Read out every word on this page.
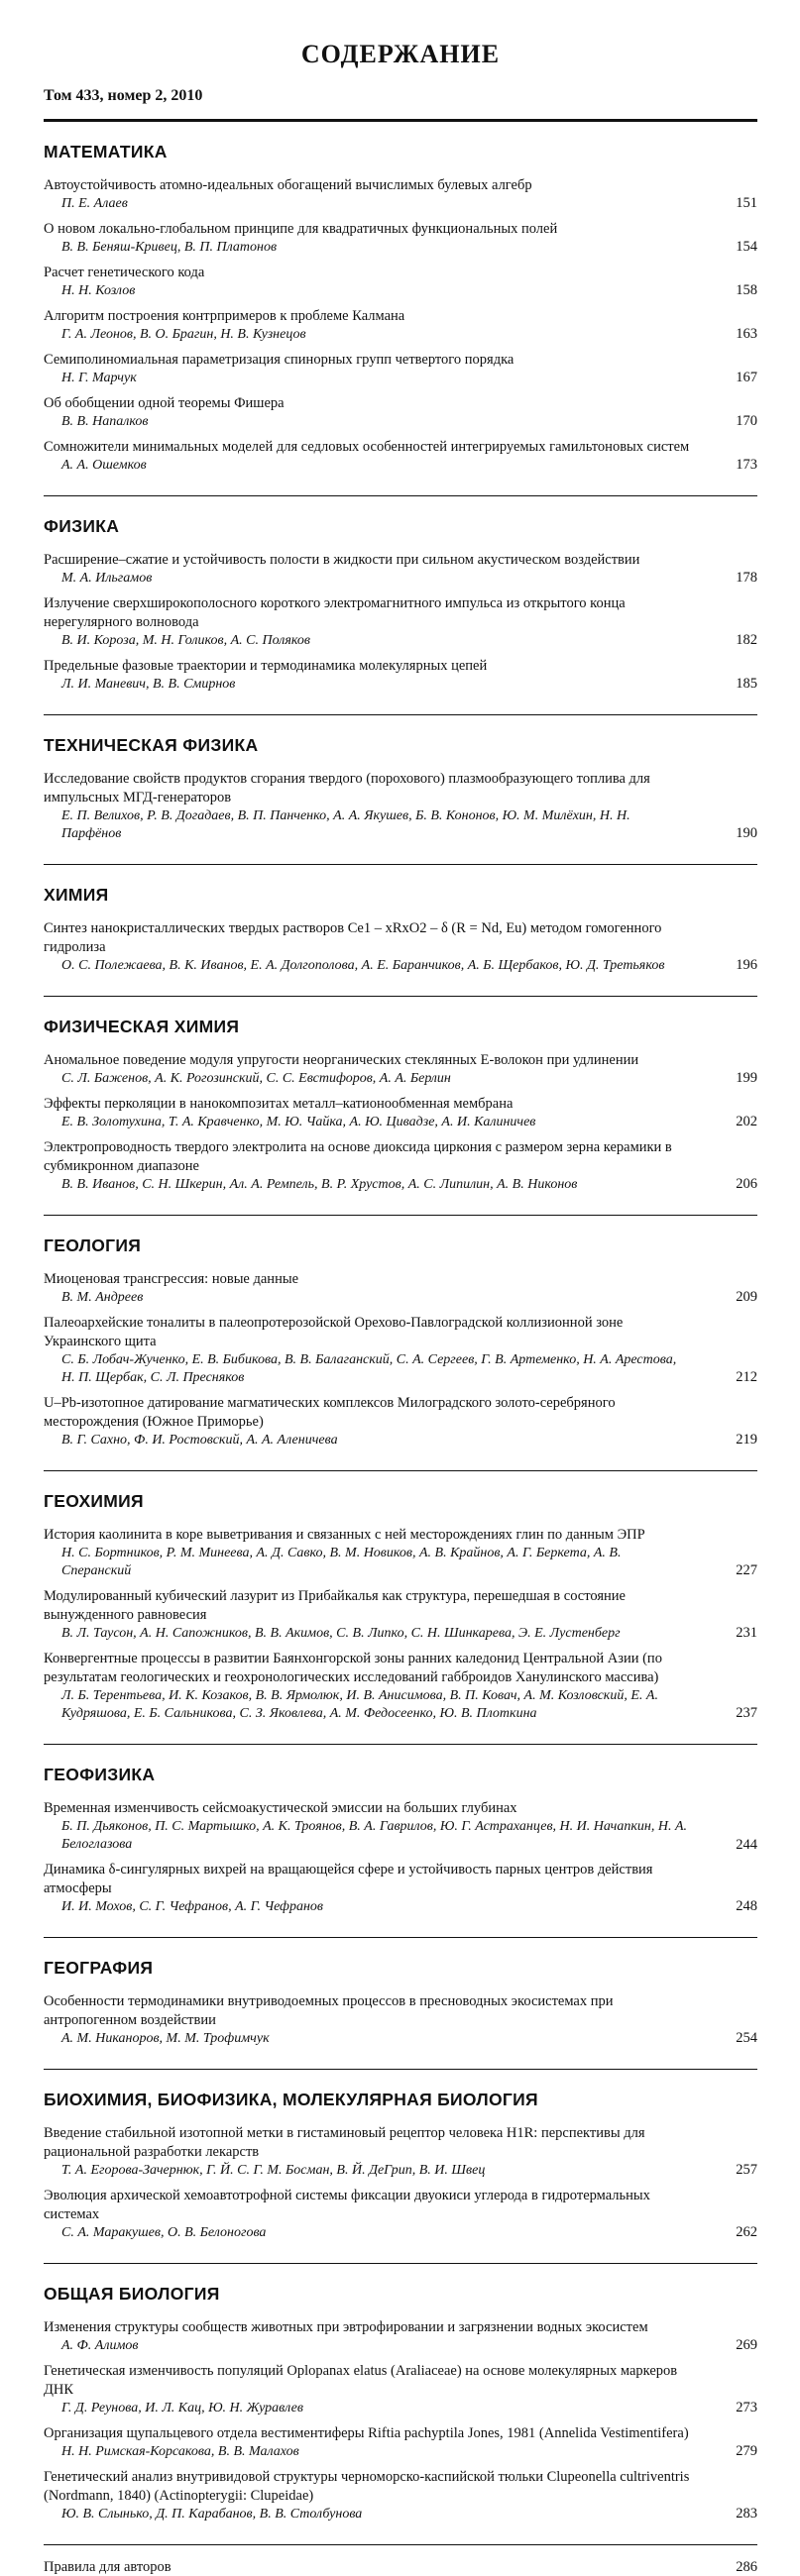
СОДЕРЖАНИЕ
Том 433, номер 2, 2010
МАТЕМАТИКА
Автоустойчивость атомно-идеальных обогащений вычислимых булевых алгебр
П. Е. Алаев	151
О новом локально-глобальном принципе для квадратичных функциональных полей
В. В. Беняш-Кривец, В. П. Платонов	154
Расчет генетического кода
Н. Н. Козлов	158
Алгоритм построения контрпримеров к проблеме Калмана
Г. А. Леонов, В. О. Брагин, Н. В. Кузнецов	163
Семиполиномиальная параметризация спинорных групп четвертого порядка
Н. Г. Марчук	167
Об обобщении одной теоремы Фишера
В. В. Напалков	170
Сомножители минимальных моделей для седловых особенностей интегрируемых гамильтоновых систем
А. А. Ошемков	173
ФИЗИКА
Расширение–сжатие и устойчивость полости в жидкости при сильном акустическом воздействии
М. А. Ильгамов	178
Излучение сверхширокополосного короткого электромагнитного импульса из открытого конца нерегулярного волновода
В. И. Короза, М. Н. Голиков, А. С. Поляков	182
Предельные фазовые траектории и термодинамика молекулярных цепей
Л. И. Маневич, В. В. Смирнов	185
ТЕХНИЧЕСКАЯ ФИЗИКА
Исследование свойств продуктов сгорания твердого (порохового) плазмообразующего топлива для импульсных МГД-генераторов
Е. П. Велихов, Р. В. Догадаев, В. П. Панченко, А. А. Якушев, Б. В. Кононов, Ю. М. Милёхин, Н. Н. Парфёнов	190
ХИМИЯ
Синтез нанокристаллических твердых растворов Ce1 – xRxO2 – δ (R = Nd, Eu) методом гомогенного гидролиза
О. С. Полежаева, В. К. Иванов, Е. А. Долгополова, А. Е. Баранчиков, А. Б. Щербаков, Ю. Д. Третьяков	196
ФИЗИЧЕСКАЯ ХИМИЯ
Аномальное поведение модуля упругости неорганических стеклянных Е-волокон при удлинении
С. Л. Баженов, А. К. Рогозинский, С. С. Евстифоров, А. А. Берлин	199
Эффекты перколяции в нанокомпозитах металл–катионообменная мембрана
Е. В. Золотухина, Т. А. Кравченко, М. Ю. Чайка, А. Ю. Цивадзе, А. И. Калиничев	202
Электропроводность твердого электролита на основе диоксида циркония с размером зерна керамики в субмикронном диапазоне
В. В. Иванов, С. Н. Шкерин, Ал. А. Ремпель, В. Р. Хрустов, А. С. Липилин, А. В. Никонов	206
ГЕОЛОГИЯ
Миоценовая трансгрессия: новые данные
В. М. Андреев	209
Палеоархейские тоналиты в палеопротерозойской Орехово-Павлоградской коллизионной зоне Украинского щита
С. Б. Лобач-Жученко, Е. В. Бибикова, В. В. Балаганский, С. А. Сергеев, Г. В. Артеменко, Н. А. Арестова, Н. П. Щербак, С. Л. Пресняков	212
U–Pb-изотопное датирование магматических комплексов Милоградского золото-серебряного месторождения (Южное Приморье)
В. Г. Сахно, Ф. И. Ростовский, А. А. Аленичева	219
ГЕОХИМИЯ
История каолинита в коре выветривания и связанных с ней месторождениях глин по данным ЭПР
Н. С. Бортников, Р. М. Минеева, А. Д. Савко, В. М. Новиков, А. В. Крайнов, А. Г. Беркета, А. В. Сперанский	227
Модулированный кубический лазурит из Прибайкалья как структура, перешедшая в состояние вынужденного равновесия
В. Л. Таусон, А. Н. Сапожников, В. В. Акимов, С. В. Липко, С. Н. Шинкарева, Э. Е. Лустенберг	231
Конвергентные процессы в развитии Баянхонгорской зоны ранних каледонид Центральной Азии (по результатам геологических и геохронологических исследований габброидов Ханулинского массива)
Л. Б. Терентьева, И. К. Козаков, В. В. Ярмолюк, И. В. Анисимова, В. П. Ковач, А. М. Козловский, Е. А. Кудряшова, Е. Б. Сальникова, С. З. Яковлева, А. М. Федосеенко, Ю. В. Плоткина	237
ГЕОФИЗИКА
Временная изменчивость сейсмоакустической эмиссии на больших глубинах
Б. П. Дьяконов, П. С. Мартышко, А. К. Троянов, В. А. Гаврилов, Ю. Г. Астраханцев, Н. И. Начапкин, Н. А. Белоглазова	244
Динамика δ-сингулярных вихрей на вращающейся сфере и устойчивость парных центров действия атмосферы
И. И. Мохов, С. Г. Чефранов, А. Г. Чефранов	248
ГЕОГРАФИЯ
Особенности термодинамики внутриводоемных процессов в пресноводных экосистемах при антропогенном воздействии
А. М. Никаноров, М. М. Трофимчук	254
БИОХИМИЯ, БИОФИЗИКА, МОЛЕКУЛЯРНАЯ БИОЛОГИЯ
Введение стабильной изотопной метки в гистаминовый рецептор человека H1R: перспективы для рациональной разработки лекарств
Т. А. Егорова-Зачернюк, Г. Й. С. Г. М. Босман, В. Й. ДеГрип, В. И. Швец	257
Эволюция архической хемоавтотрофной системы фиксации двуокиси углерода в гидротермальных системах
С. А. Маракушев, О. В. Белоногова	262
ОБЩАЯ БИОЛОГИЯ
Изменения структуры сообществ животных при эвтрофировании и загрязнении водных экосистем
А. Ф. Алимов	269
Генетическая изменчивость популяций Oplopanax elatus (Araliaceae) на основе молекулярных маркеров ДНК
Г. Д. Реунова, И. Л. Кац, Ю. Н. Журавлев	273
Организация щупальцевого отдела вестиментиферы Riftia pachyptila Jones, 1981 (Annelida Vestimentifera)
Н. Н. Римская-Корсакова, В. В. Малахов	279
Генетический анализ внутривидовой структуры черноморско-каспийской тюльки Clupeonella cultriventris (Nordmann, 1840) (Actinopterygii: Clupeidae)
Ю. В. Слынько, Д. П. Карабанов, В. В. Столбунова	283
Правила для авторов	286
